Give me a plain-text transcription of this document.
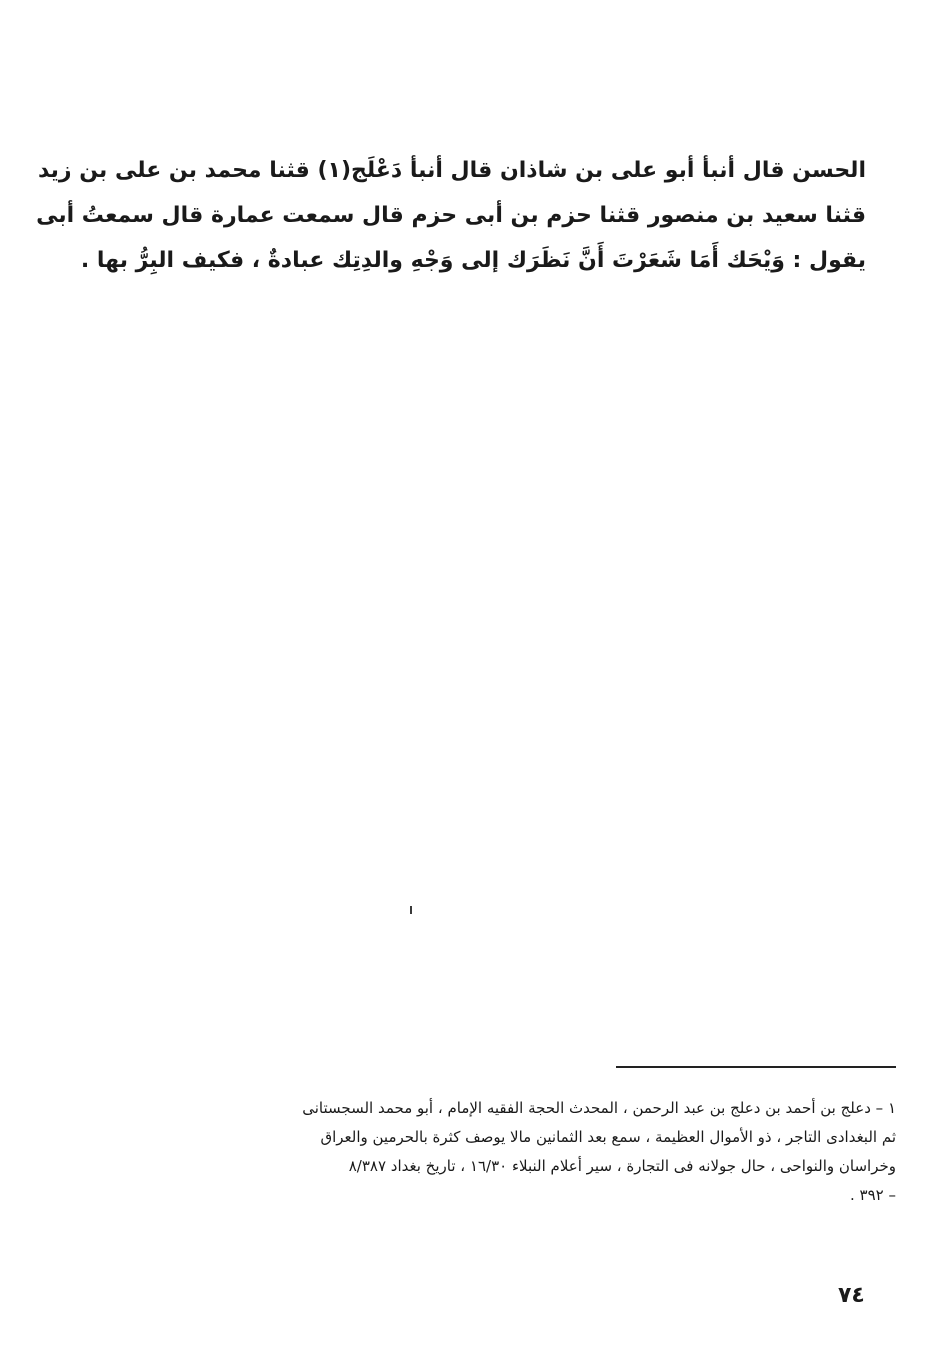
الحسن قال أنبأ أبو على بن شاذان قال أنبأ دَعْلَج(١) قثنا محمد بن على بن زيد
قثنا سعيد بن منصور قثنا حزم بن أبى حزم قال سمعت عمارة قال سمعتُ أبى
يقول : وَيْحَك أَمَا شَعَرْتَ أَنَّ نَظَرَك إلى وَجْهِ والدِتِك عبادةٌ ، فكيف البِرُّ بها .
١ – دعلج بن أحمد بن دعلج بن عبد الرحمن ، المحدث الحجة الفقيه الإمام ، أبو محمد السجستانى
ثم البغدادى التاجر ، ذو الأموال العظيمة ، سمع بعد الثمانين مالا يوصف كثرة بالحرمين والعراق
وخراسان والنواحى ، حال جولانه فى التجارة ، سير أعلام النبلاء ١٦/٣٠ ، تاريخ بغداد ٨/٣٨٧
– ٣٩٢ .
٧٤
